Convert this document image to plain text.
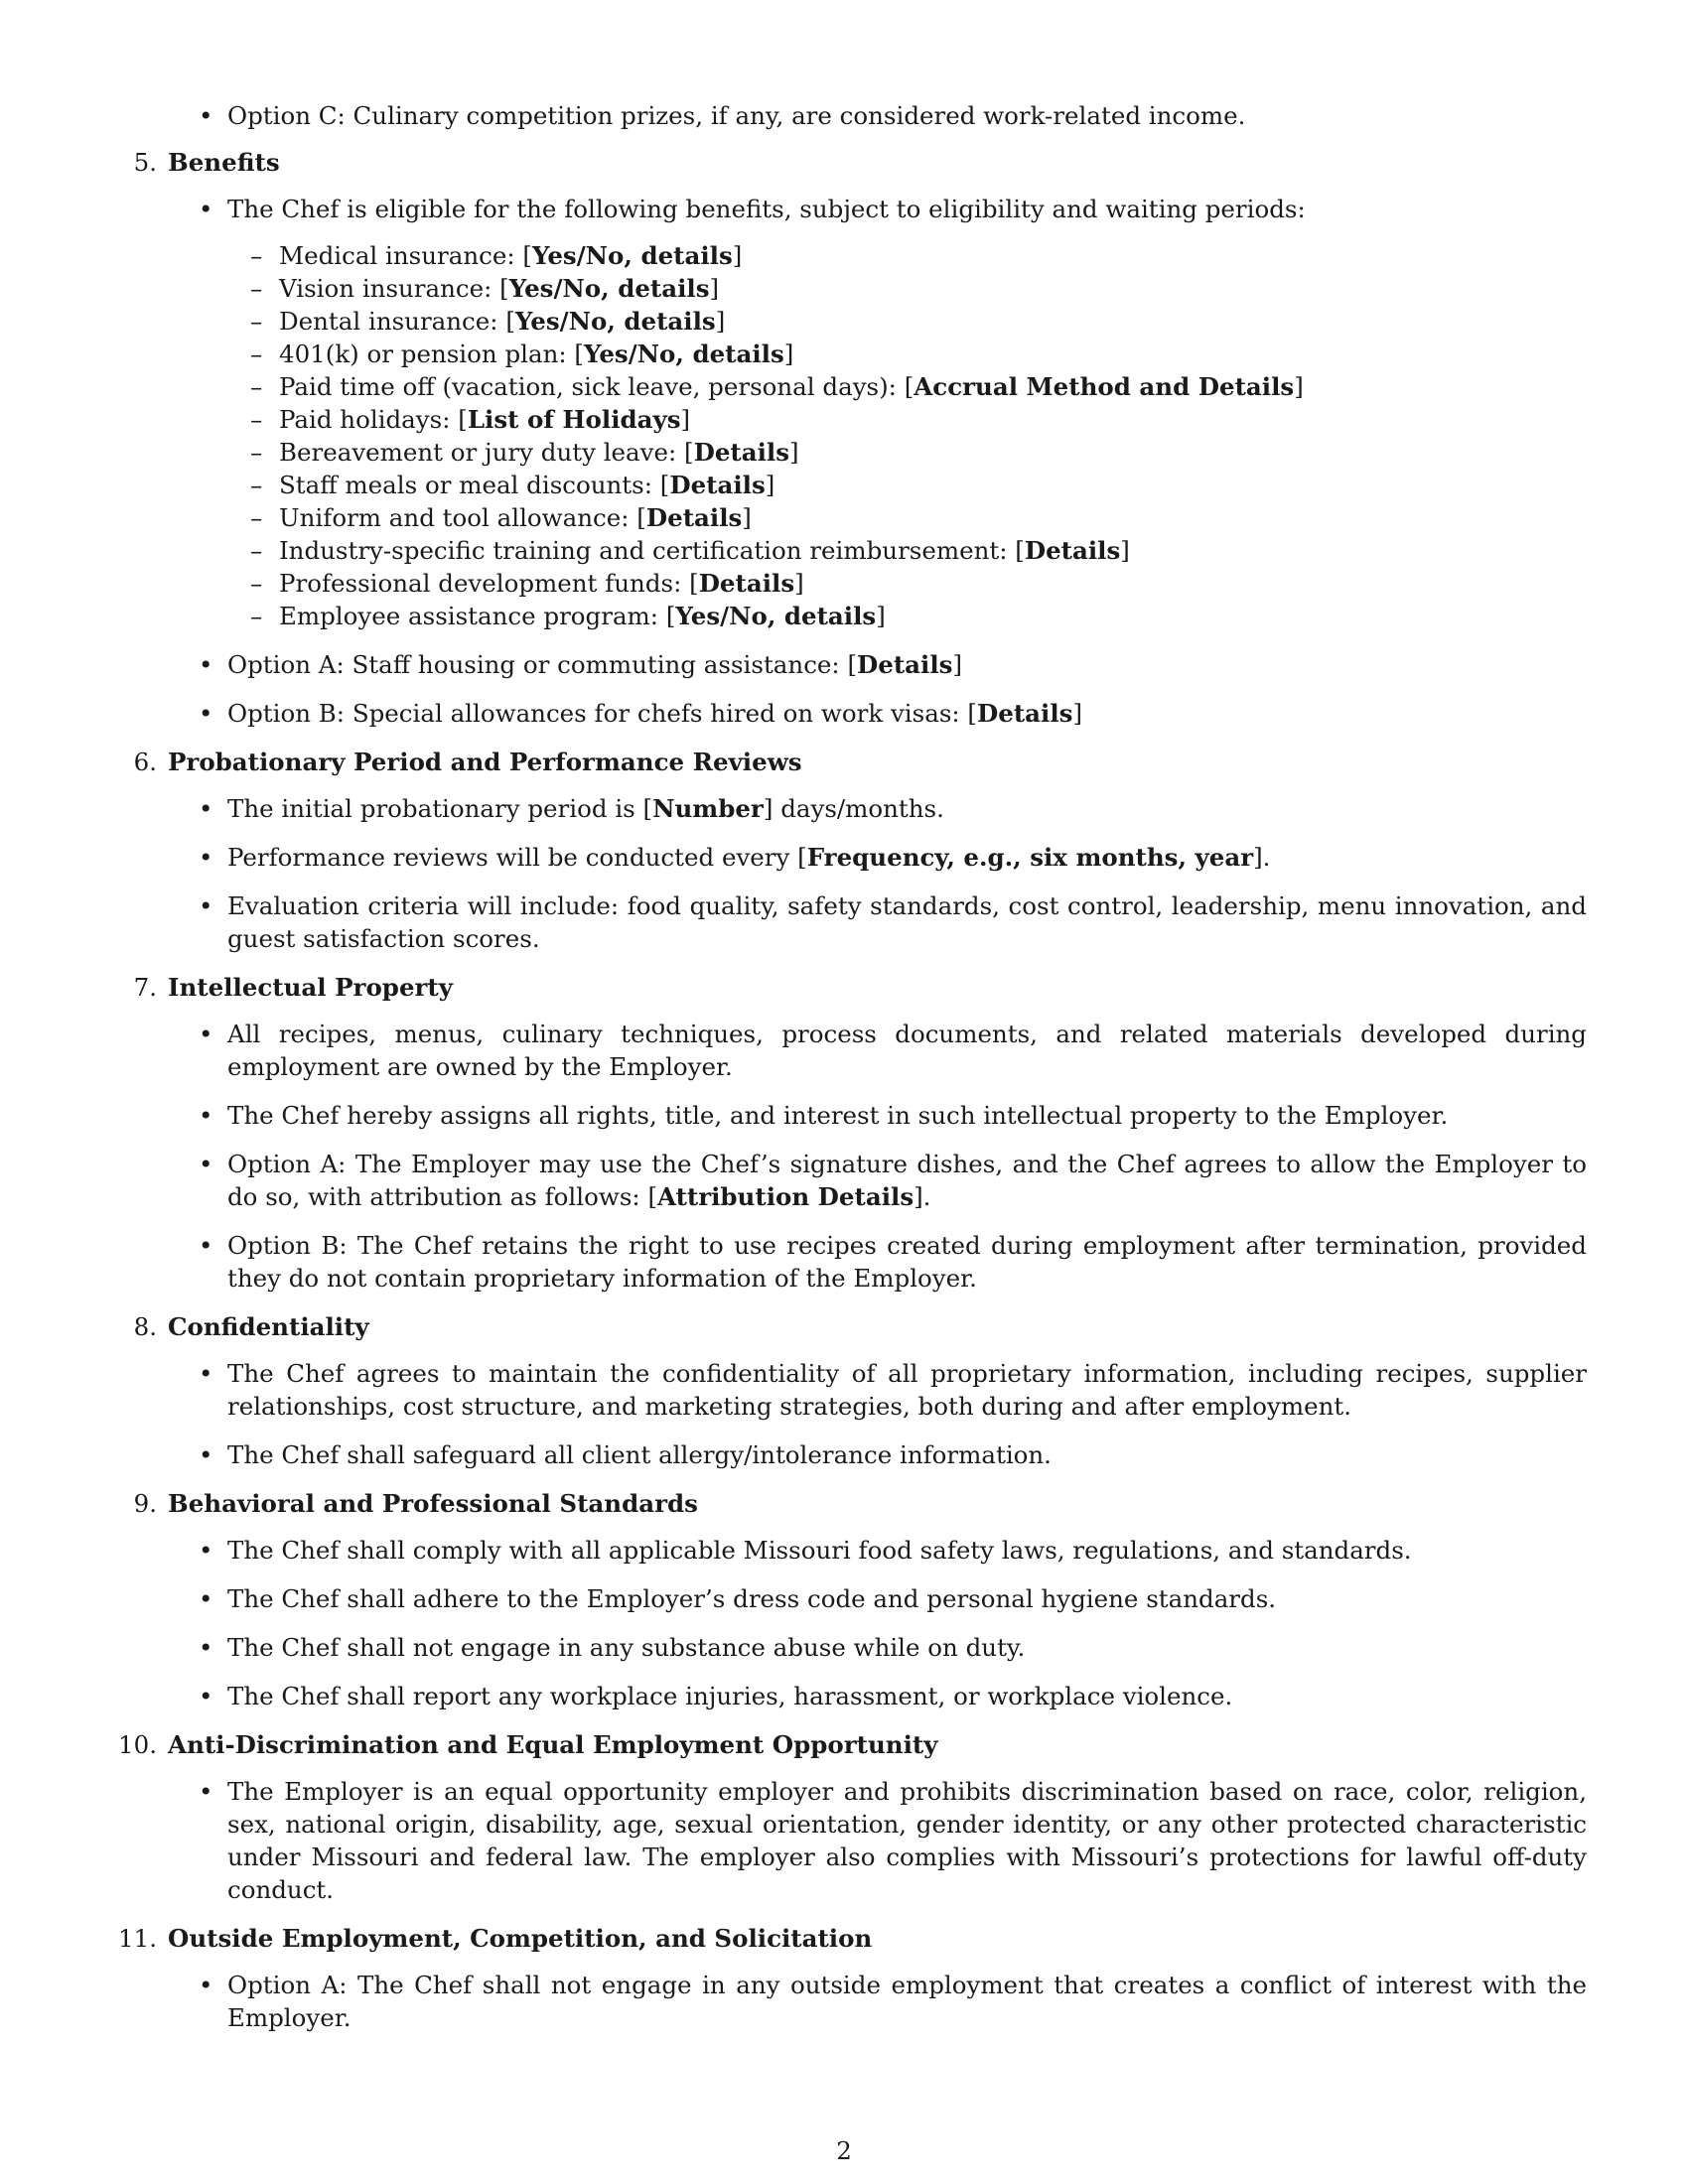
• Option C: Culinary competition prizes, if any, are considered work-related income.
5. Benefits
• The Chef is eligible for the following benefits, subject to eligibility and waiting periods:
– Medical insurance: [Yes/No, details]
– Vision insurance: [Yes/No, details]
– Dental insurance: [Yes/No, details]
– 401(k) or pension plan: [Yes/No, details]
– Paid time off (vacation, sick leave, personal days): [Accrual Method and Details]
– Paid holidays: [List of Holidays]
– Bereavement or jury duty leave: [Details]
– Staff meals or meal discounts: [Details]
– Uniform and tool allowance: [Details]
– Industry-specific training and certification reimbursement: [Details]
– Professional development funds: [Details]
– Employee assistance program: [Yes/No, details]
• Option A: Staff housing or commuting assistance: [Details]
• Option B: Special allowances for chefs hired on work visas: [Details]
6. Probationary Period and Performance Reviews
• The initial probationary period is [Number] days/months.
• Performance reviews will be conducted every [Frequency, e.g., six months, year].
• Evaluation criteria will include: food quality, safety standards, cost control, leadership, menu innovation, and guest satisfaction scores.
7. Intellectual Property
• All recipes, menus, culinary techniques, process documents, and related materials developed during employment are owned by the Employer.
• The Chef hereby assigns all rights, title, and interest in such intellectual property to the Employer.
• Option A: The Employer may use the Chef’s signature dishes, and the Chef agrees to allow the Employer to do so, with attribution as follows: [Attribution Details].
• Option B: The Chef retains the right to use recipes created during employment after termination, provided they do not contain proprietary information of the Employer.
8. Confidentiality
• The Chef agrees to maintain the confidentiality of all proprietary information, including recipes, supplier relationships, cost structure, and marketing strategies, both during and after employment.
• The Chef shall safeguard all client allergy/intolerance information.
9. Behavioral and Professional Standards
• The Chef shall comply with all applicable Missouri food safety laws, regulations, and standards.
• The Chef shall adhere to the Employer’s dress code and personal hygiene standards.
• The Chef shall not engage in any substance abuse while on duty.
• The Chef shall report any workplace injuries, harassment, or workplace violence.
10. Anti-Discrimination and Equal Employment Opportunity
• The Employer is an equal opportunity employer and prohibits discrimination based on race, color, religion, sex, national origin, disability, age, sexual orientation, gender identity, or any other protected characteristic under Missouri and federal law. The employer also complies with Missouri’s protections for lawful off-duty conduct.
11. Outside Employment, Competition, and Solicitation
• Option A: The Chef shall not engage in any outside employment that creates a conflict of interest with the Employer.
2
